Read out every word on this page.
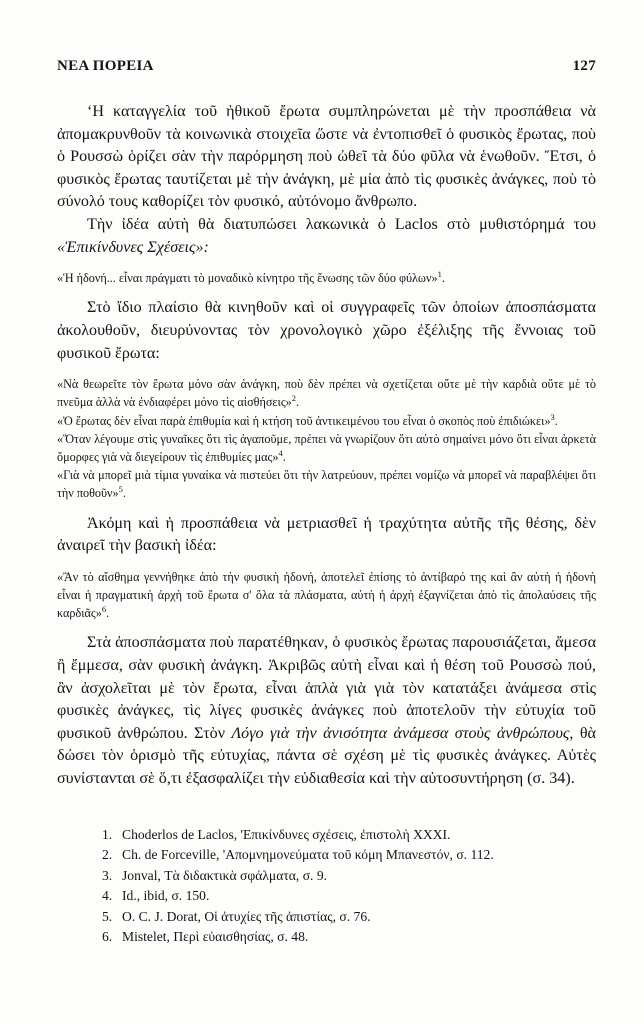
ΝΕΑ ΠΟΡΕΙΑ	127

‘Η καταγγελία τοῦ ἠθικοῦ ἔρωτα συμπληρώνεται μὲ τὴν προσπάθεια νὰ ἀπομακρυνθοῦν τὰ κοινωνικὰ στοιχεῖα ὥστε νὰ ἐντοπισθεῖ ὁ φυσικὸς ἔρωτας, ποὺ ὁ Ρουσσὼ ὁρίζει σὰν τὴν παρόρμηση ποὺ ὠθεῖ τὰ δύο φῦλα νὰ ἑνωθοῦν. Ἔτσι, ὁ φυσικὸς ἔρωτας ταυτίζεται μὲ τὴν ἀνάγκη, μὲ μία ἀπὸ τὶς φυσικὲς ἀνάγκες, ποὺ τὸ σύνολό τους καθορίζει τὸν φυσικό, αὐτόνομο ἄνθρωπο.

Τὴν ἰδέα αὐτὴ θὰ διατυπώσει λακωνικὰ ὁ Laclos στὸ μυθιστόρημά του «Ἐπικίνδυνες Σχέσεις»:

«Ἡ ἡδονή... εἶναι πράγματι τὸ μοναδικὸ κίνητρο τῆς ἕνωσης τῶν δύο φύλων»$^1$.

Στὸ ἴδιο πλαίσιο θὰ κινηθοῦν καὶ οἱ συγγραφεῖς τῶν ὁποίων ἀποσπάσματα ἀκολουθοῦν, διευρύνοντας τὸν χρονολογικὸ χῶρο ἐξέλιξης τῆς ἔννοιας τοῦ φυσικοῦ ἔρωτα:

«Νὰ θεωρεῖτε τὸν ἔρωτα μόνο σὰν ἀνάγκη, ποὺ δὲν πρέπει νὰ σχετίζεται οὔτε μὲ τὴν καρδιὰ οὔτε μὲ τὸ πνεῦμα ἀλλὰ νὰ ἐνδιαφέρει μόνο τὶς αἰσθήσεις»$^2$.

«Ὁ ἔρωτας δὲν εἶναι παρὰ ἐπιθυμία καὶ ἡ κτήση τοῦ ἀντικειμένου του εἶναι ὁ σκοπὸς ποὺ ἐπιδιώκει»$^3$.

«Ὅταν λέγουμε στὶς γυναῖκες ὅτι τὶς ἀγαποῦμε, πρέπει νὰ γνωρίζουν ὅτι αὐτὸ σημαίνει μόνο ὅτι εἶναι ἀρκετὰ ὄμορφες γιὰ νὰ διεγείρουν τὶς ἐπιθυμίες μας»$^4$.

«Γιὰ νὰ μπορεῖ μιὰ τίμια γυναίκα νὰ πιστεύει ὅτι τὴν λατρεύουν, πρέπει νομίζω νὰ μπορεῖ νὰ παραβλέψει ὅτι τὴν ποθοῦν»$^5$.

Ἀκόμη καὶ ἡ προσπάθεια νὰ μετριασθεῖ ἡ τραχύτητα αὐτῆς τῆς θέσης, δὲν ἀναιρεῖ τὴν βασικὴ ἰδέα:

«Ἂν τὸ αἴσθημα γεννήθηκε ἀπὸ τὴν φυσικὴ ἡδονή, ἀποτελεῖ ἐπίσης τὸ ἀντίβαρό της καὶ ἂν αὐτὴ ἡ ἡδονὴ εἶναι ἡ πραγματικὴ ἀρχὴ τοῦ ἔρωτα σ' ὅλα τὰ πλάσματα, αὐτὴ ἡ ἀρχὴ ἐξαγνίζεται ἀπὸ τὶς ἀπολαύσεις τῆς καρδιᾶς»$^6$.

Στὰ ἀποσπάσματα ποὺ παρατέθηκαν, ὁ φυσικὸς ἔρωτας παρουσιάζεται, ἄμεσα ἢ ἔμμεσα, σὰν φυσικὴ ἀνάγκη. Ἀκριβῶς αὐτὴ εἶναι καὶ ἡ θέση τοῦ Ρουσσὼ πού, ἂν ἀσχολεῖται μὲ τὸν ἔρωτα, εἶναι ἁπλὰ γιὰ γιὰ τὸν κατατάξει ἀνάμεσα στὶς φυσικὲς ἀνάγκες, τὶς λίγες φυσικὲς ἀνάγκες ποὺ ἀποτελοῦν τὴν εὐτυχία τοῦ φυσικοῦ ἀνθρώπου. Στὸν Λόγο γιὰ τὴν ἀνισότητα ἀνάμεσα στοὺς ἀνθρώπους, θὰ δώσει τὸν ὁρισμὸ τῆς εὐτυχίας, πάντα σὲ σχέση μὲ τὶς φυσικὲς ἀνάγκες. Αὐτὲς συνίστανται σὲ ὅ,τι ἐξασφαλίζει τὴν εὐδιαθεσία καὶ τὴν αὐτοσυντήρηση (σ. 34).

1. Choderlos de Laclos, 'Επικίνδυνες σχέσεις, ἐπιστολὴ XXXI.
2. Ch. de Forceville, 'Απομνημονεύματα τοῦ κόμη Μπανεστόν, σ. 112.
3. Jonval, Τὰ διδακτικὰ σφάλματα, σ. 9.
4. Id., ibid, σ. 150.
5. O. C. J. Dorat, Οἱ ἀτυχίες τῆς ἀπιστίας, σ. 76.
6. Mistelet, Περὶ εὐαισθησίας, σ. 48.
